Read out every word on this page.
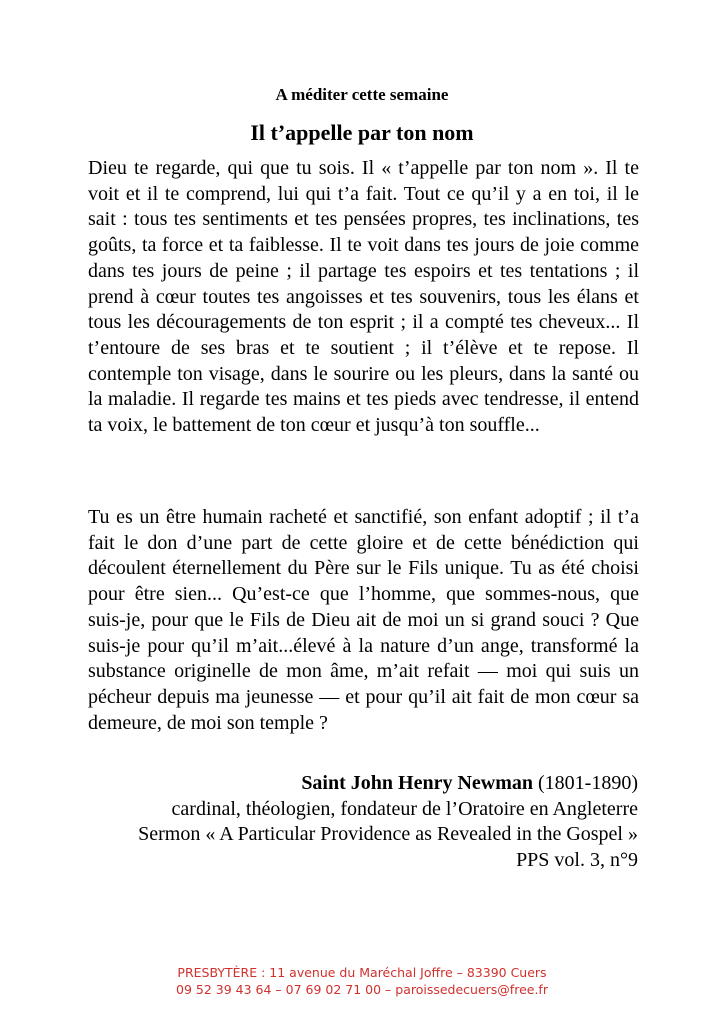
A méditer cette semaine
Il t’appelle par ton nom

Dieu te regarde, qui que tu sois. Il « t’appelle par ton nom ». Il te voit et il te comprend, lui qui t’a fait. Tout ce qu’il y a en toi, il le sait : tous tes sentiments et tes pensées propres, tes inclinations, tes goûts, ta force et ta faiblesse. Il te voit dans tes jours de joie comme dans tes jours de peine ; il partage tes espoirs et tes tentations ; il prend à cœur toutes tes angoisses et tes souvenirs, tous les élans et tous les découragements de ton esprit ; il a compté tes cheveux... Il t’entoure de ses bras et te soutient ; il t’élève et te repose. Il contemple ton visage, dans le sourire ou les pleurs, dans la santé ou la maladie. Il regarde tes mains et tes pieds avec tendresse, il entend ta voix, le battement de ton cœur et jusqu’à ton souffle...

Tu es un être humain racheté et sanctifié, son enfant adoptif ; il t’a fait le don d’une part de cette gloire et de cette bénédiction qui découlent éternellement du Père sur le Fils unique. Tu as été choisi pour être sien... Qu’est-ce que l’homme, que sommes-nous, que suis-je, pour que le Fils de Dieu ait de moi un si grand souci ? Que suis-je pour qu’il m’ait...élevé à la nature d’un ange, transformé la substance originelle de mon âme, m’ait refait — moi qui suis un pécheur depuis ma jeunesse — et pour qu’il ait fait de mon cœur sa demeure, de moi son temple ?

Saint John Henry Newman (1801-1890)
cardinal, théologien, fondateur de l’Oratoire en Angleterre
Sermon « A Particular Providence as Revealed in the Gospel »
PPS vol. 3, n°9
PRESBYTÈRE : 11 avenue du Maréchal Joffre – 83390 Cuers
09 52 39 43 64 – 07 69 02 71 00 – paroissedecuers@free.fr
